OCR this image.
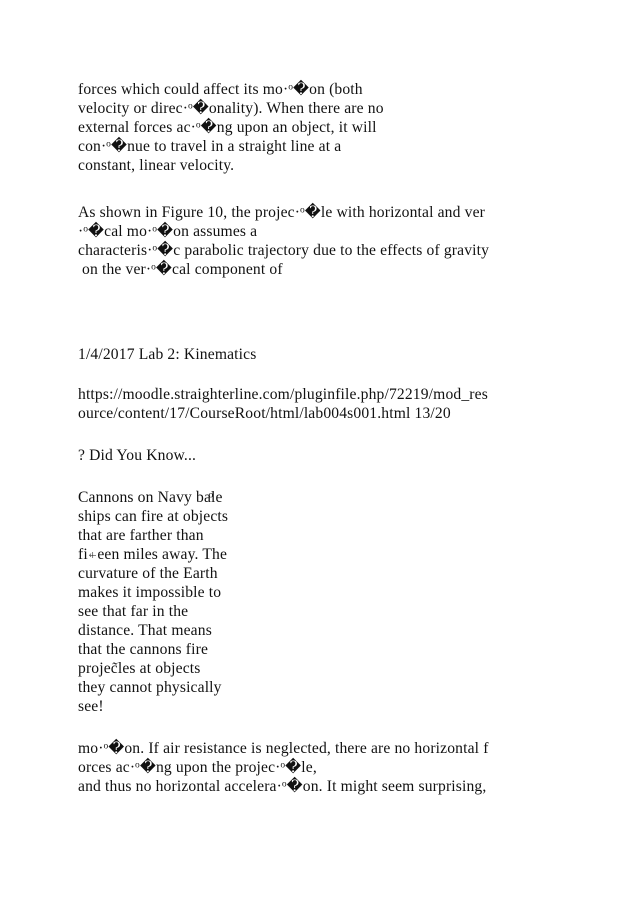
forces which could affect its mo·ᵒ�on (both
velocity or direc·ᵒ�onality). When there are no
external forces ac·ᵒ�ng upon an object, it will
con·ᵒ�nue to travel in a straight line at a
constant, linear velocity.
As shown in Figure 10, the projec·ᵒ�le with horizontal and ver
·ᵒ�cal mo·ᵒ�on assumes a
characteris·ᵒ�c parabolic trajectory due to the effects of gravity
on the ver·ᵒ�cal component of
1/4/2017 Lab 2: Kinematics
https://moodle.straighterline.com/pluginfile.php/72219/mod_res
ource/content/17/CourseRoot/html/lab004s001.html 13/20
? Did You Know...
Cannons on Navy baͦle
ships can fire at objects
that are farther than
fi⍅een miles away. The
curvature of the Earth
makes it impossible to
see that far in the
distance. That means
that the cannons fire
projec̃les at objects
they cannot physically
see!
mo·ᵒ�on. If air resistance is neglected, there are no horizontal f
orces ac·ᵒ�ng upon the projec·ᵒ�le,
and thus no horizontal accelera·ᵒ�on. It might seem surprising,
